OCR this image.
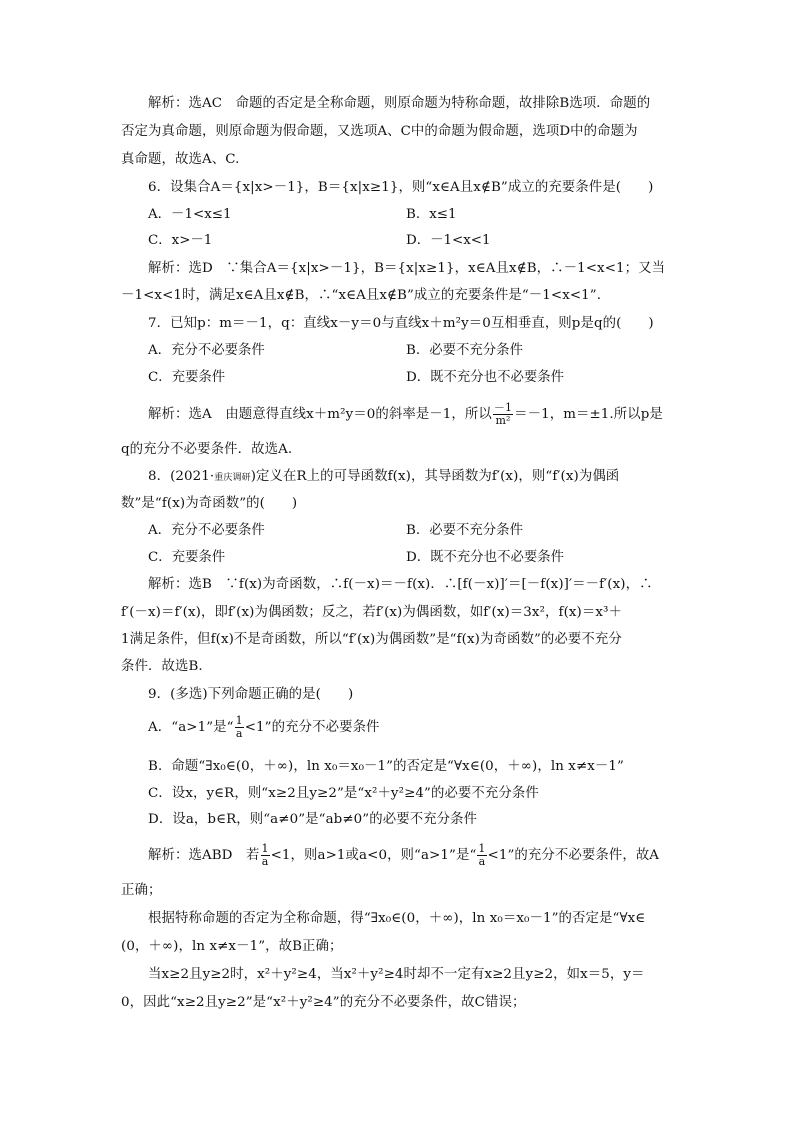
解析：选AC　命题的否定是全称命题，则原命题为特称命题，故排除B选项．命题的
否定为真命题，则原命题为假命题，又选项A、C中的命题为假命题，选项D中的命题为
真命题，故选A、C.
6．设集合A＝{x|x>－1}，B＝{x|x≥1}，则“x∈A且x∉B”成立的充要条件是(　　)
A．－1<x≤1	B．x≤1
C．x>－1	D．－1<x<1
解析：选D　∵集合A＝{x|x>－1}，B＝{x|x≥1}，x∈A且x∉B，∴－1<x<1；又当
－1<x<1时，满足x∈A且x∉B，∴“x∈A且x∉B”成立的充要条件是“－1<x<1”.
7．已知p：m＝－1，q：直线x－y＝0与直线x＋m²y＝0互相垂直，则p是q的(　　)
A．充分不必要条件	B．必要不充分条件
C．充要条件	D．既不充分也不必要条件
解析：选A　由题意得直线x＋m²y＝0的斜率是－1，所以 $\frac{-1}{\text{m²}} =-1$，m＝±1.所以p是
q的充分不必要条件．故选A.
8．(2021·重庆调研)定义在R上的可导函数f(x)，其导函数为f′(x)，则“f′(x)为偶函
数”是“f(x)为奇函数”的(　　)
A．充分不必要条件	B．必要不充分条件
C．充要条件	D．既不充分也不必要条件
解析：选B　∵f(x)为奇函数，∴f(－x)＝－f(x)．∴[f(－x)]′＝[－f(x)]′＝－f′(x)，∴
f′(－x)＝f′(x)，即f′(x)为偶函数；反之，若f′(x)为偶函数，如f′(x)＝3x²，f(x)＝x³＋
1满足条件，但f(x)不是奇函数，所以“f′(x)为偶函数”是“f(x)为奇函数”的必要不充分
条件．故选B.
9．(多选)下列命题正确的是(　　)
A．“a>1”是“ $\frac{1}{a} <1$”的充分不必要条件
B．命题“∃x₀∈(0，＋∞)，ln x₀＝x₀－1”的否定是“∀x∈(0，＋∞)，ln x≠x－1”
C．设x，y∈R，则“x≥2且y≥2”是“x²＋y²≥4”的必要不充分条件
D．设a，b∈R，则“a≠0”是“ab≠0”的必要不充分条件
解析：选ABD　若 $\frac{1}{a} <1$，则a>1或a<0，则“a>1”是“ $\frac{1}{a} <1$”的充分不必要条件，故A
正确；
根据特称命题的否定为全称命题，得“∃x₀∈(0，＋∞)，ln x₀＝x₀－1”的否定是“∀x∈
(0，＋∞)，ln x≠x－1”，故B正确；
当x≥2且y≥2时，x²＋y²≥4，当x²＋y²≥4时却不一定有x≥2且y≥2，如x＝5，y＝
0，因此“x≥2且y≥2”是“x²＋y²≥4”的充分不必要条件，故C错误；
